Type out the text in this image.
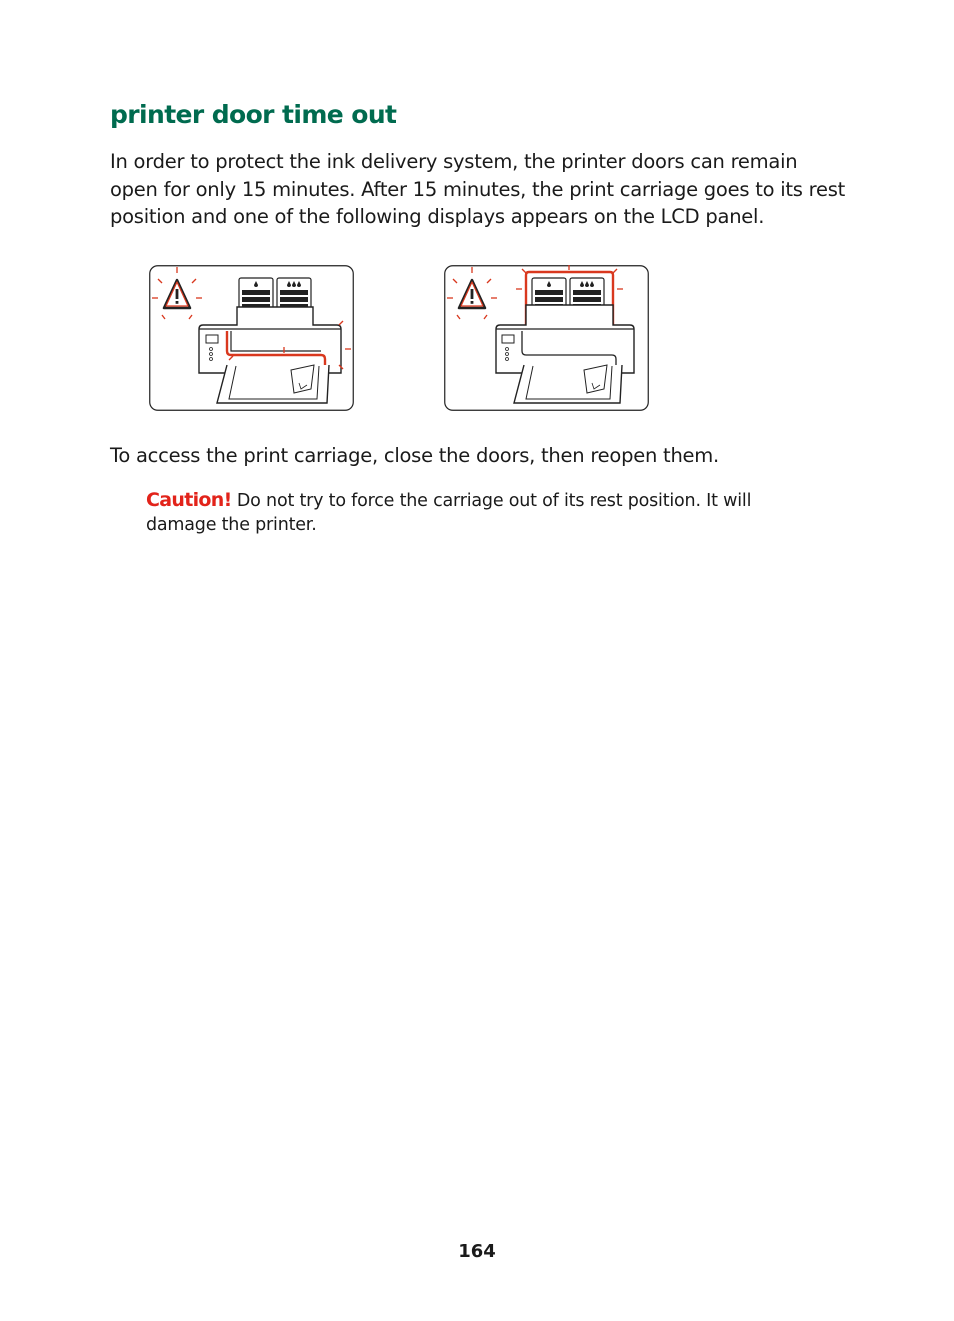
printer door time out

In order to protect the ink delivery system, the printer doors can remain open for only 15 minutes. After 15 minutes, the print carriage goes to its rest position and one of the following displays appears on the LCD panel.

To access the print carriage, close the doors, then reopen them.

Caution! Do not try to force the carriage out of its rest position. It will damage the printer.

164
